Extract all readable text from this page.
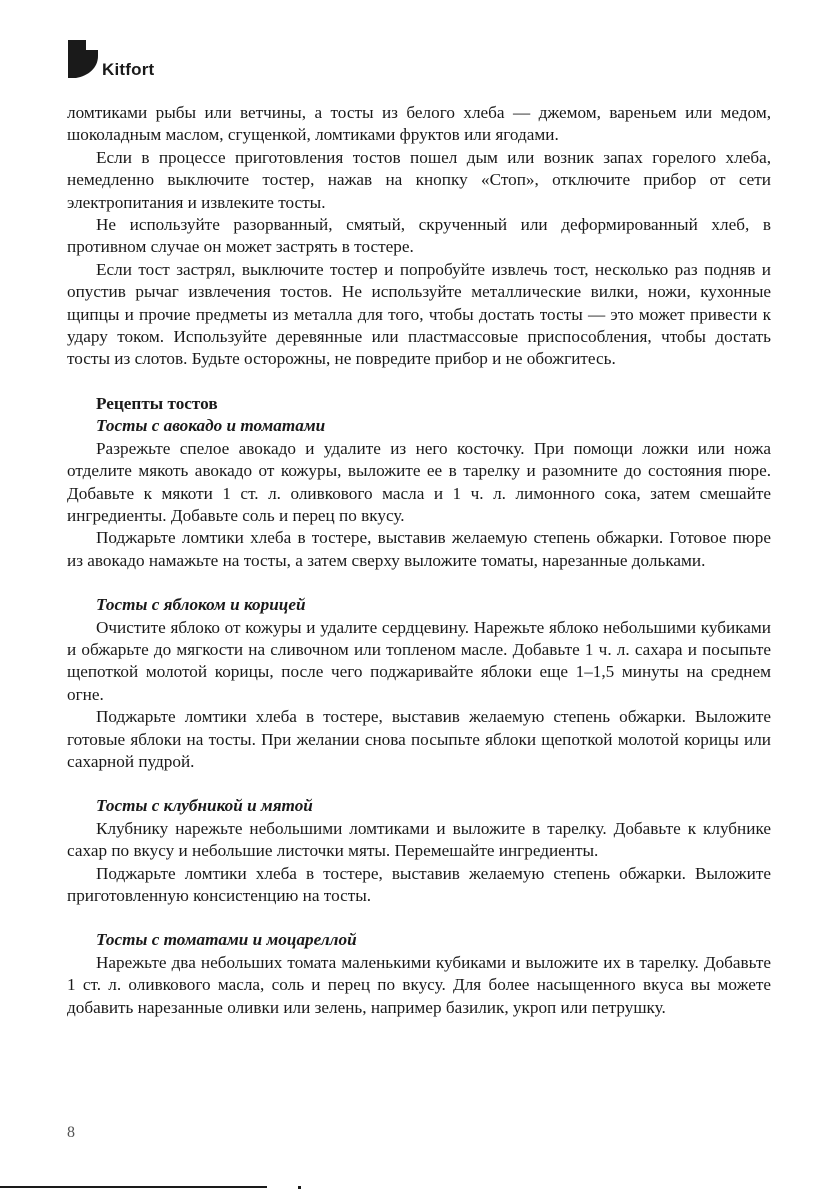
Kitfort

ломтиками рыбы или ветчины, а тосты из белого хлеба — джемом, вареньем или медом, шоколадным маслом, сгущенкой, ломтиками фруктов или ягодами.

Если в процессе приготовления тостов пошел дым или возник запах горелого хлеба, немедленно выключите тостер, нажав на кнопку «Стоп», отключите прибор от сети электропитания и извлеките тосты.

Не используйте разорванный, смятый, скрученный или деформированный хлеб, в противном случае он может застрять в тостере.

Если тост застрял, выключите тостер и попробуйте извлечь тост, несколько раз подняв и опустив рычаг извлечения тостов. Не используйте металлические вилки, ножи, кухонные щипцы и прочие предметы из металла для того, чтобы достать тосты — это может привести к удару током. Используйте деревянные или пластмассовые приспособления, чтобы достать тосты из слотов. Будьте осторожны, не повредите прибор и не обожгитесь.

Рецепты тостов
Тосты с авокадо и томатами

Разрежьте спелое авокадо и удалите из него косточку. При помощи ложки или ножа отделите мякоть авокадо от кожуры, выложите ее в тарелку и разомните до состояния пюре. Добавьте к мякоти 1 ст. л. оливкового масла и 1 ч. л. лимонного сока, затем смешайте ингредиенты. Добавьте соль и перец по вкусу.

Поджарьте ломтики хлеба в тостере, выставив желаемую степень обжарки. Готовое пюре из авокадо намажьте на тосты, а затем сверху выложите томаты, нарезанные дольками.

Тосты с яблоком и корицей

Очистите яблоко от кожуры и удалите сердцевину. Нарежьте яблоко небольшими кубиками и обжарьте до мягкости на сливочном или топленом масле. Добавьте 1 ч. л. сахара и посыпьте щепоткой молотой корицы, после чего поджаривайте яблоки еще 1–1,5 минуты на среднем огне.

Поджарьте ломтики хлеба в тостере, выставив желаемую степень обжарки. Выложите готовые яблоки на тосты. При желании снова посыпьте яблоки щепоткой молотой корицы или сахарной пудрой.

Тосты с клубникой и мятой

Клубнику нарежьте небольшими ломтиками и выложите в тарелку. Добавьте к клубнике сахар по вкусу и небольшие листочки мяты. Перемешайте ингредиенты.

Поджарьте ломтики хлеба в тостере, выставив желаемую степень обжарки. Выложите приготовленную консистенцию на тосты.

Тосты с томатами и моцареллой

Нарежьте два небольших томата маленькими кубиками и выложите их в тарелку. Добавьте 1 ст. л. оливкового масла, соль и перец по вкусу. Для более насыщенного вкуса вы можете добавить нарезанные оливки или зелень, например базилик, укроп или петрушку.

8
